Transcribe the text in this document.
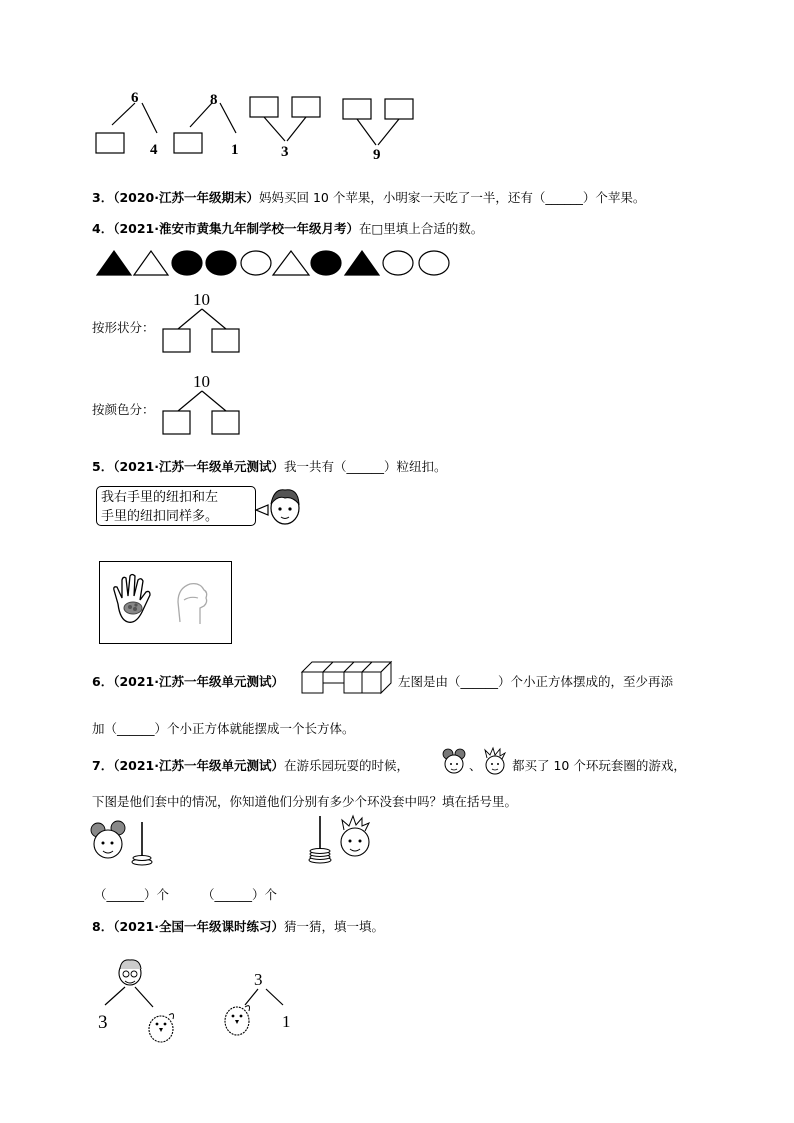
6
4
8
1	3	9
3．（2020·江苏一年级期末）妈妈买回 10 个苹果，小明家一天吃了一半，还有（______）个苹果。
4．（2021·淮安市黄集九年制学校一年级月考）在□里填上合适的数。
10
按形状分：
10
按颜色分：
5．（2021·江苏一年级单元测试）我一共有（______）粒纽扣。
我右手里的纽扣和左
手里的纽扣同样多。
6．（2021·江苏一年级单元测试）	左图是由（______）个小正方体摆成的，至少再添
加（______）个小正方体就能摆成一个长方体。
7．（2021·江苏一年级单元测试）在游乐园玩耍的时候，	、 都买了 10 个环玩套圈的游戏，
下图是他们套中的情况，你知道他们分别有多少个环没套中吗？填在括号里。
（______）个	（______）个
8．（2021·全国一年级课时练习）猜一猜，填一填。
3
3
1
